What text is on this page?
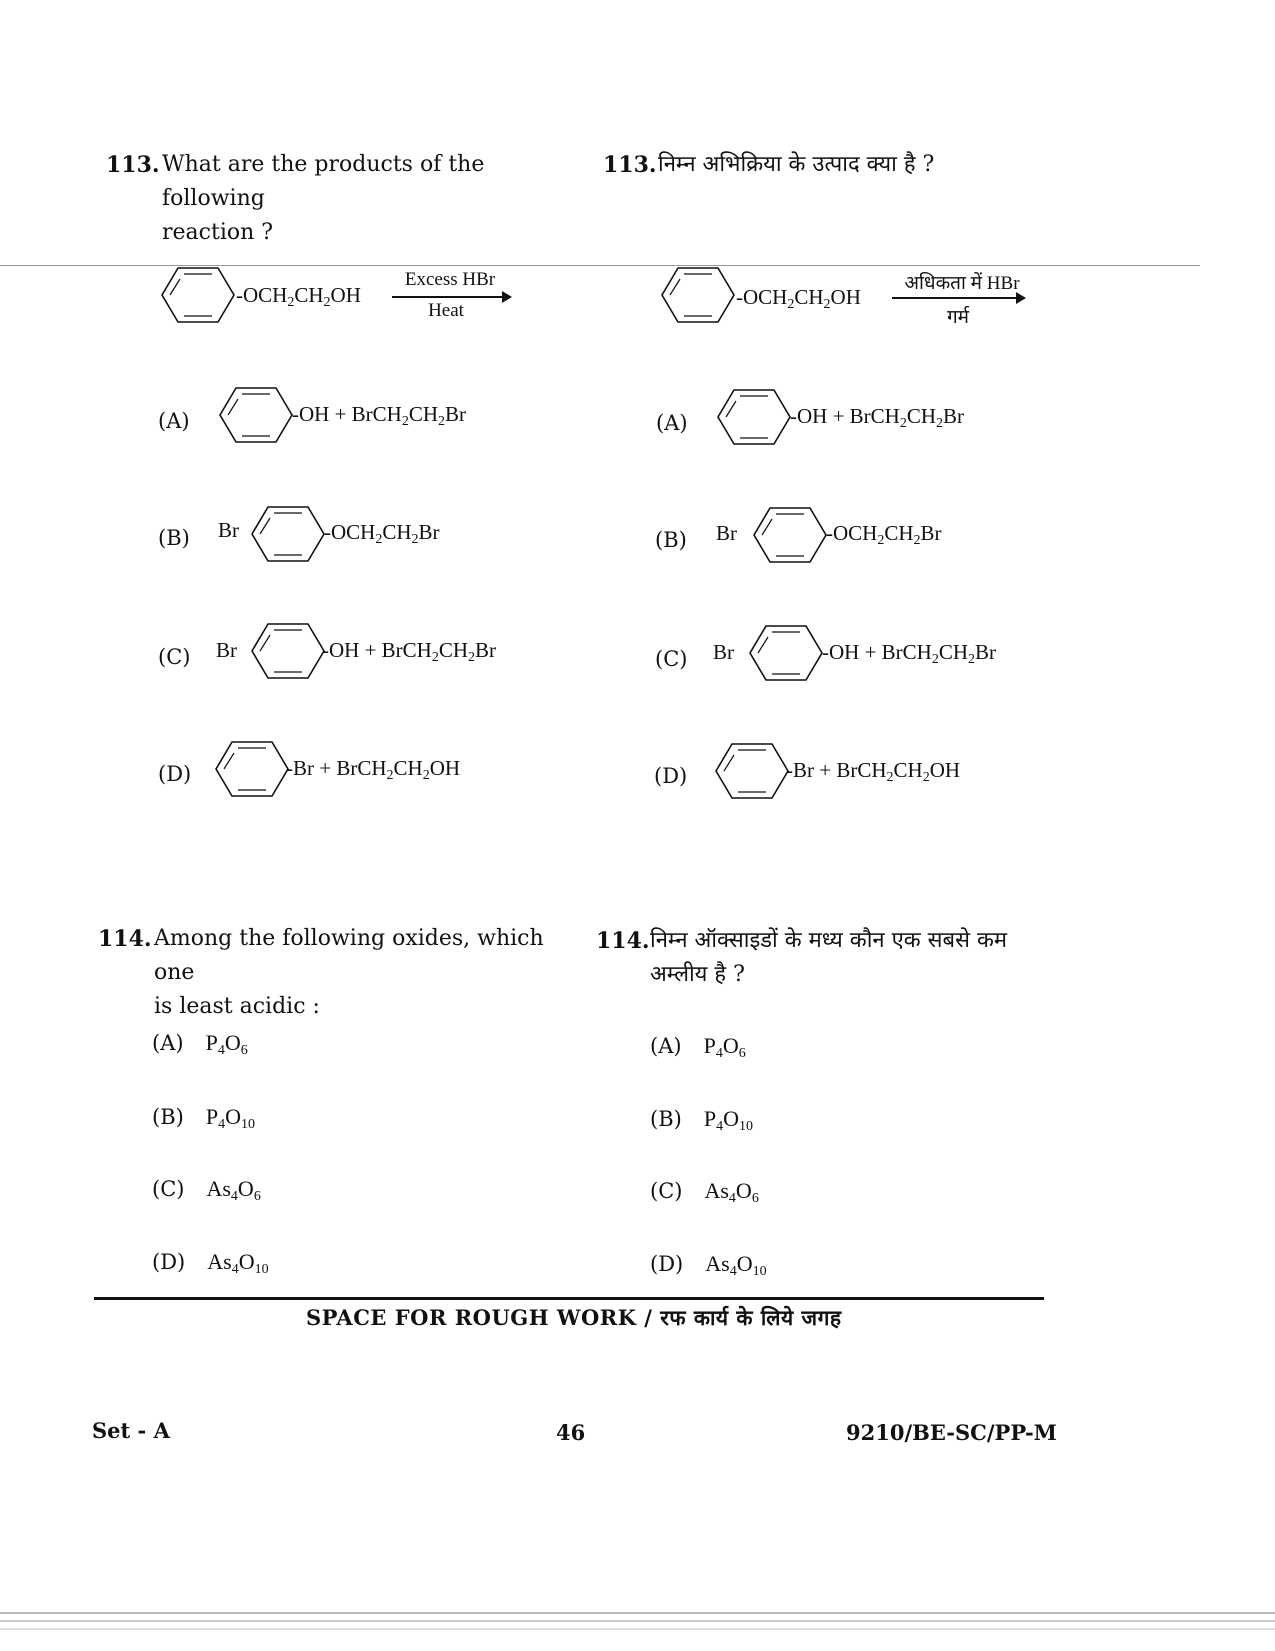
113. What are the products of the following
reaction ?
113. निम्न अभिक्रिया के उत्पाद क्या है ?
$-OCH_2CH_2OH$
Excess HBr
Heat
$-OCH_2CH_2OH$
अधिकता में HBr
गर्म
(A)	$-OH + BrCH_2CH_2Br$
(B) Br	$-OCH_2CH_2Br$
(C) Br	$-OH + BrCH_2CH_2Br$
(D)	$-Br + BrCH_2CH_2OH$
(A)	$-OH + BrCH_2CH_2Br$
(B) Br	$-OCH_2CH_2Br$
(C) Br	$-OH + BrCH_2CH_2Br$
(D)	$-Br + BrCH_2CH_2OH$
114. Among the following oxides, which one
is least acidic :
114. निम्न ऑक्साइडों के मध्य कौन एक सबसे कम
अम्लीय है ?
(A) $P_4O_6$
(B) $P_4O_{10}$
(C) $As_4O_6$
(D) $As_4O_{10}$
(A) $P_4O_6$
(B) $P_4O_{10}$
(C) $As_4O_6$
(D) $As_4O_{10}$
SPACE FOR ROUGH WORK / रफ कार्य के लिये जगह
Set - A	46	9210/BE-SC/PP-M
